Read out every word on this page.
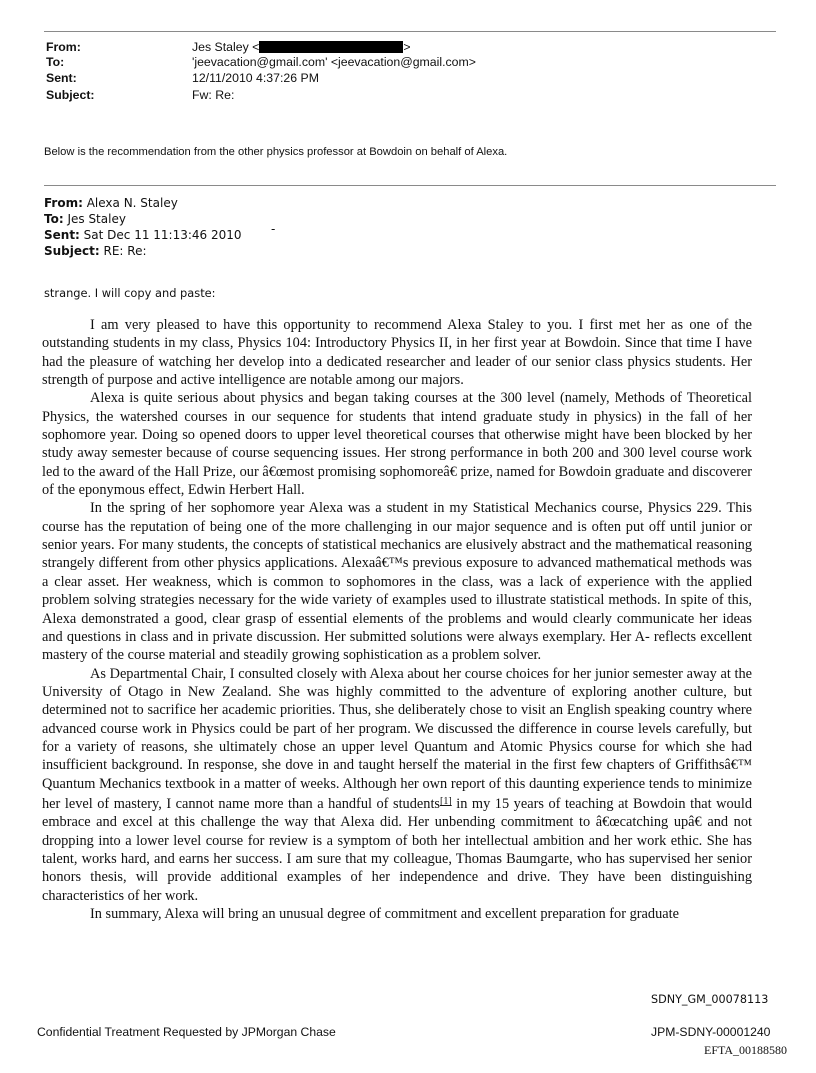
From:	Jes Staley <	>
To:	'jeevacation@gmail.com' <jeevacation@gmail.com>
Sent:	12/11/2010 4:37:26 PM
Subject:	Fw: Re:
Below is the recommendation from the other physics professor at Bowdoin on behalf of Alexa.
From: Alexa N. Staley
To: Jes Staley
Sent: Sat Dec 11 11:13:46 2010
Subject: RE: Re:
-
strange. I will copy and paste:

I am very pleased to have this opportunity to recommend Alexa Staley to you. I first met her as one of the outstanding students in my class, Physics 104: Introductory Physics II, in her first year at Bowdoin. Since that time I have had the pleasure of watching her develop into a dedicated researcher and leader of our senior class physics students. Her strength of purpose and active intelligence are notable among our majors.

Alexa is quite serious about physics and began taking courses at the 300 level (namely, Methods of Theoretical Physics, the watershed courses in our sequence for students that intend graduate study in physics) in the fall of her sophomore year. Doing so opened doors to upper level theoretical courses that otherwise might have been blocked by her study away semester because of course sequencing issues. Her strong performance in both 200 and 300 level course work led to the award of the Hall Prize, our â€œmost promising sophomoreâ€ prize, named for Bowdoin graduate and discoverer of the eponymous effect, Edwin Herbert Hall.

In the spring of her sophomore year Alexa was a student in my Statistical Mechanics course, Physics 229. This course has the reputation of being one of the more challenging in our major sequence and is often put off until junior or senior years. For many students, the concepts of statistical mechanics are elusively abstract and the mathematical reasoning strangely different from other physics applications. Alexaâ€™s previous exposure to advanced mathematical methods was a clear asset. Her weakness, which is common to sophomores in the class, was a lack of experience with the applied problem solving strategies necessary for the wide variety of examples used to illustrate statistical methods. In spite of this, Alexa demonstrated a good, clear grasp of essential elements of the problems and would clearly communicate her ideas and questions in class and in private discussion. Her submitted solutions were always exemplary. Her A- reflects excellent mastery of the course material and steadily growing sophistication as a problem solver.

As Departmental Chair, I consulted closely with Alexa about her course choices for her junior semester away at the University of Otago in New Zealand. She was highly committed to the adventure of exploring another culture, but determined not to sacrifice her academic priorities. Thus, she deliberately chose to visit an English speaking country where advanced course work in Physics could be part of her program. We discussed the difference in course levels carefully, but for a variety of reasons, she ultimately chose an upper level Quantum and Atomic Physics course for which she had insufficient background. In response, she dove in and taught herself the material in the first few chapters of Griffithsâ€™ Quantum Mechanics textbook in a matter of weeks. Although her own report of this daunting experience tends to minimize her level of mastery, I cannot name more than a handful of students[1] in my 15 years of teaching at Bowdoin that would embrace and excel at this challenge the way that Alexa did. Her unbending commitment to â€œcatching upâ€ and not dropping into a lower level course for review is a symptom of both her intellectual ambition and her work ethic. She has talent, works hard, and earns her success. I am sure that my colleague, Thomas Baumgarte, who has supervised her senior honors thesis, will provide additional examples of her independence and drive. They have been distinguishing characteristics of her work.

In summary, Alexa will bring an unusual degree of commitment and excellent preparation for graduate

SDNY_GM_00078113
Confidential Treatment Requested by JPMorgan Chase	JPM-SDNY-00001240
EFTA_00188580
